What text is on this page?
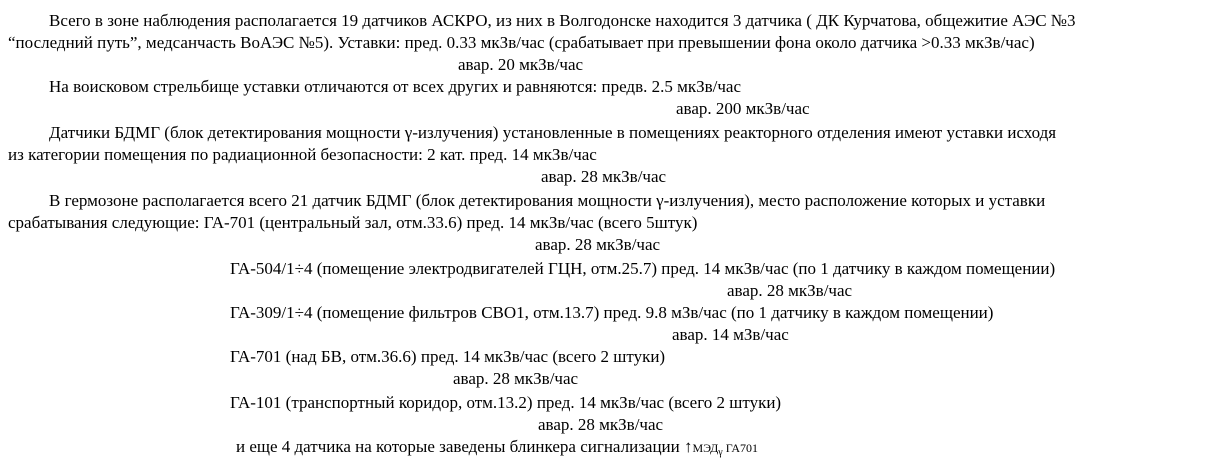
Всего в зоне наблюдения располагается 19 датчиков АСКРО, из них в Волгодонске находится 3 датчика ( ДК Курчатова, общежитие АЭС №3
“последний путь”, медсанчасть ВоАЭС №5). Уставки: пред. 0.33 мкЗв/час (срабатывает при превышении фона около датчика >0.33 мкЗв/час)
авар. 20 мкЗв/час
На воисковом стрельбище уставки отличаются от всех других и равняются: предв. 2.5 мкЗв/час
авар. 200 мкЗв/час
Датчики БДМГ (блок детектирования мощности γ-излучения) установленные в помещениях реакторного отделения имеют уставки исходя
из категории помещения по радиационной безопасности: 2 кат. пред. 14 мкЗв/час
авар. 28 мкЗв/час
В гермозоне располагается всего 21 датчик БДМГ (блок детектирования мощности γ-излучения), место расположение которых и уставки
срабатывания следующие: ГА-701 (центральный зал, отм.33.6) пред. 14 мкЗв/час (всего 5штук)
авар. 28 мкЗв/час
ГА-504/1÷4 (помещение электродвигателей ГЦН, отм.25.7) пред. 14 мкЗв/час (по 1 датчику в каждом помещении)
авар. 28 мкЗв/час
ГА-309/1÷4 (помещение фильтров СВО1, отм.13.7) пред. 9.8 мЗв/час (по 1 датчику в каждом помещении)
авар. 14 мЗв/час
ГА-701 (над БВ, отм.36.6) пред. 14 мкЗв/час (всего 2 штуки)
авар. 28 мкЗв/час
ГА-101 (транспортный коридор, отм.13.2) пред. 14 мкЗв/час (всего 2 штуки)
авар. 28 мкЗв/час
и еще 4 датчика на которые заведены блинкера сигнализации $↑МЭД_\gamma$ ГА701
